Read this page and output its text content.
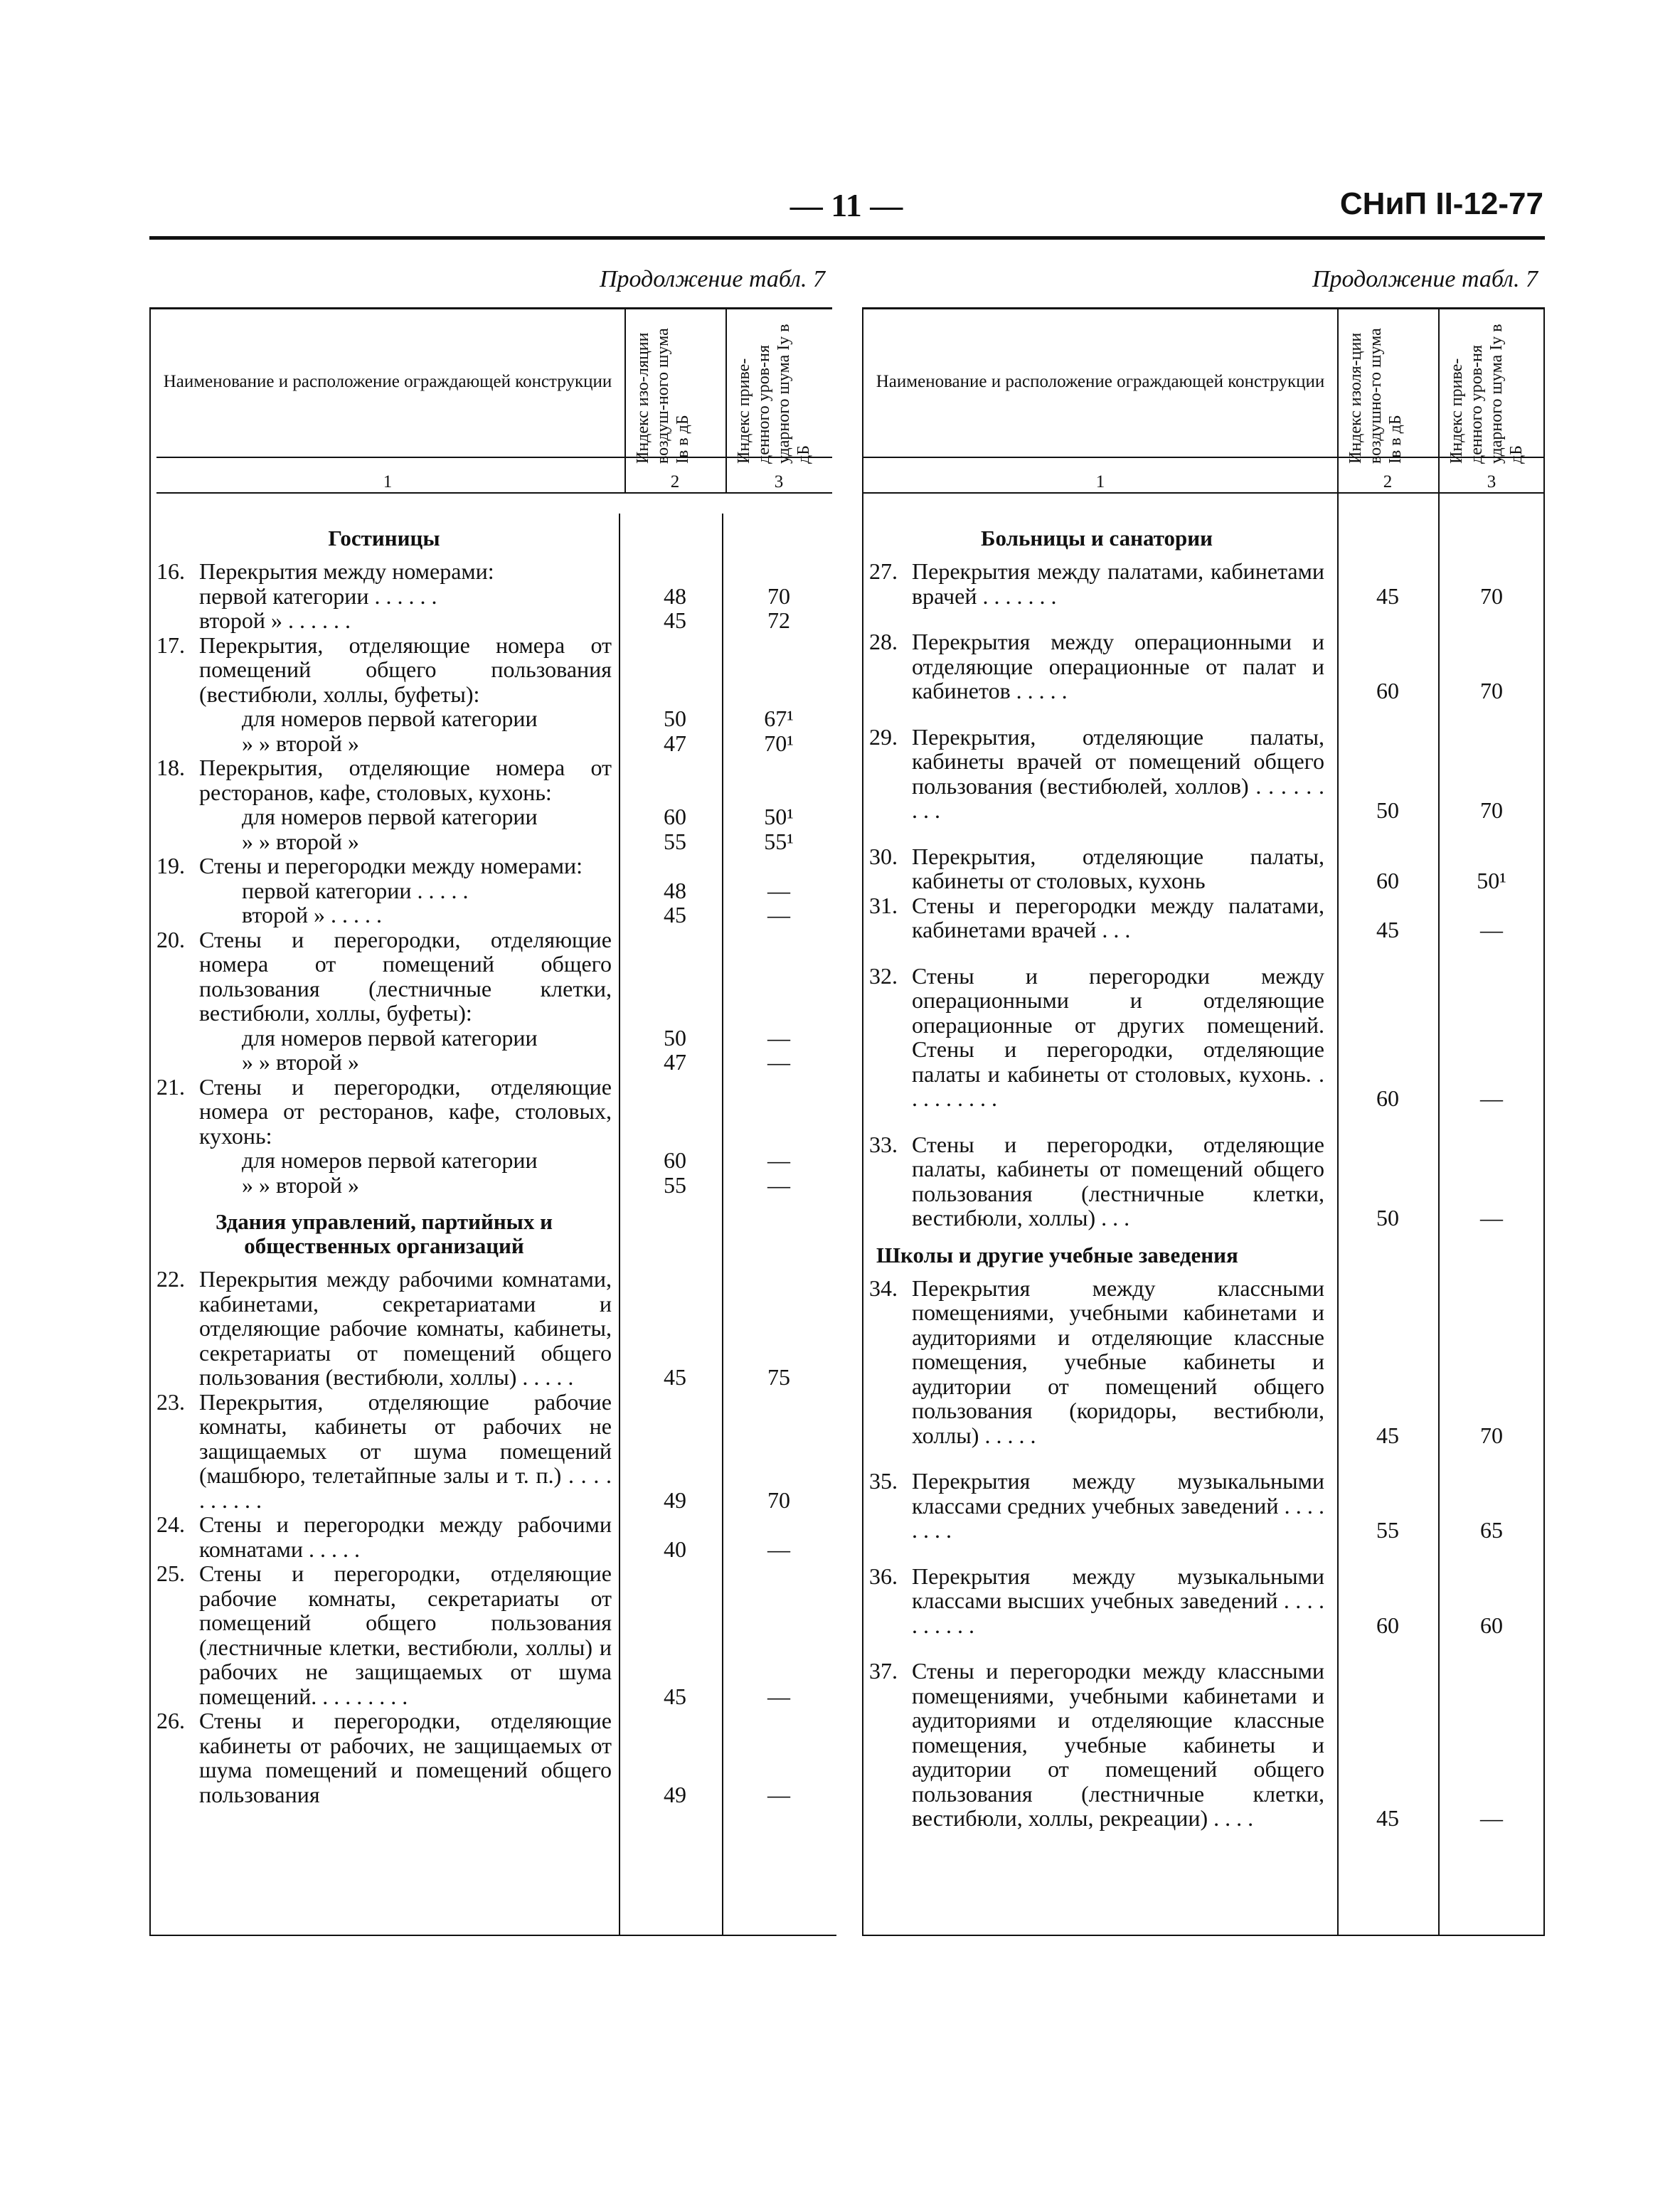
— 11 —	СНиП II-12-77
Продолжение табл. 7
Наименование и расположение ограждающей конструкции	Индекс изо-ляции воздуш-ного шума Iв в дБ	Индекс приве-денного уров-ня ударного шума Iу в дБ
1	2	3
Гостиницы
16. Перекрытия между номерами:
первой категории . . . . . .	48	70
второй » . . . . . .	45	72
17. Перекрытия, отделяющие номера от помещений общего пользования (вестибюли, холлы, буфеты):
для номеров первой категории	50	67¹
» » второй »	47	70¹
18. Перекрытия, отделяющие номера от ресторанов, кафе, столовых, кухонь:
для номеров первой категории	60	50¹
» » второй »	55	55¹
19. Стены и перегородки между номерами:
первой категории . . . . .	48	—
второй » . . . . .	45	—
20. Стены и перегородки, отделяющие номера от помещений общего пользования (лестничные клетки, вестибюли, холлы, буфеты):
для номеров первой категории	50	—
» » второй »	47	—
21. Стены и перегородки, отделяющие номера от ресторанов, кафе, столовых, кухонь:
для номеров первой категории	60	—
» » второй »	55	—
Здания управлений, партийных и общественных организаций
22. Перекрытия между рабочими комнатами, кабинетами, секретариатами и отделяющие рабочие комнаты, кабинеты, секретариаты от помещений общего пользования (вестибюли, холлы) . . . . .	45	75
23. Перекрытия, отделяющие рабочие комнаты, кабинеты от рабочих не защищаемых от шума помещений (машбюро, телетайпные залы и т. п.) . . . . . . . . . .	49	70
24. Стены и перегородки между рабочими комнатами . . . . .	40	—
25. Стены и перегородки, отделяющие рабочие комнаты, секретариаты от помещений общего пользования (лестничные клетки, вестибюли, холлы) и рабочих не защищаемых от шума помещений. . . . . . . . .	45	—
26. Стены и перегородки, отделяющие кабинеты от рабочих, не защищаемых от шума помещений и помещений общего пользования	49	—
Продолжение табл. 7
Наименование и расположение ограждающей конструкции	Индекс изоля-ции воздушно-го шума Iв в дБ	Индекс приве-денного уров-ня ударного шума Iу в дБ
1	2	3
Больницы и санатории
27. Перекрытия между палатами, кабинетами врачей . . . . . . .	45	70
28. Перекрытия между операционными и отделяющие операционные от палат и кабинетов . . . . .	60	70
29. Перекрытия, отделяющие палаты, кабинеты врачей от помещений общего пользования (вестибюлей, холлов) . . . . . . . . .	50	70
30. Перекрытия, отделяющие палаты, кабинеты от столовых, кухонь	60	50¹
31. Стены и перегородки между палатами, кабинетами врачей . . .	45	—
32. Стены и перегородки между операционными и отделяющие операционные от других помещений. Стены и перегородки, отделяющие палаты и кабинеты от столовых, кухонь. . . . . . . . . .	60	—
33. Стены и перегородки, отделяющие палаты, кабинеты от помещений общего пользования (лестничные клетки, вестибюли, холлы) . . .	50	—
Школы и другие учебные заведения
34. Перекрытия между классными помещениями, учебными кабинетами и аудиториями и отделяющие классные помещения, учебные кабинеты и аудитории от помещений общего пользования (коридоры, вестибюли, холлы) . . . . .	45	70
35. Перекрытия между музыкальными классами средних учебных заведений . . . . . . . .	55	65
36. Перекрытия между музыкальными классами высших учебных заведений . . . . . . . . . .	60	60
37. Стены и перегородки между классными помещениями, учебными кабинетами и аудиториями и отделяющие классные помещения, учебные кабинеты и аудитории от помещений общего пользования (лестничные клетки, вестибюли, холлы, рекреации) . . . .	45	—
